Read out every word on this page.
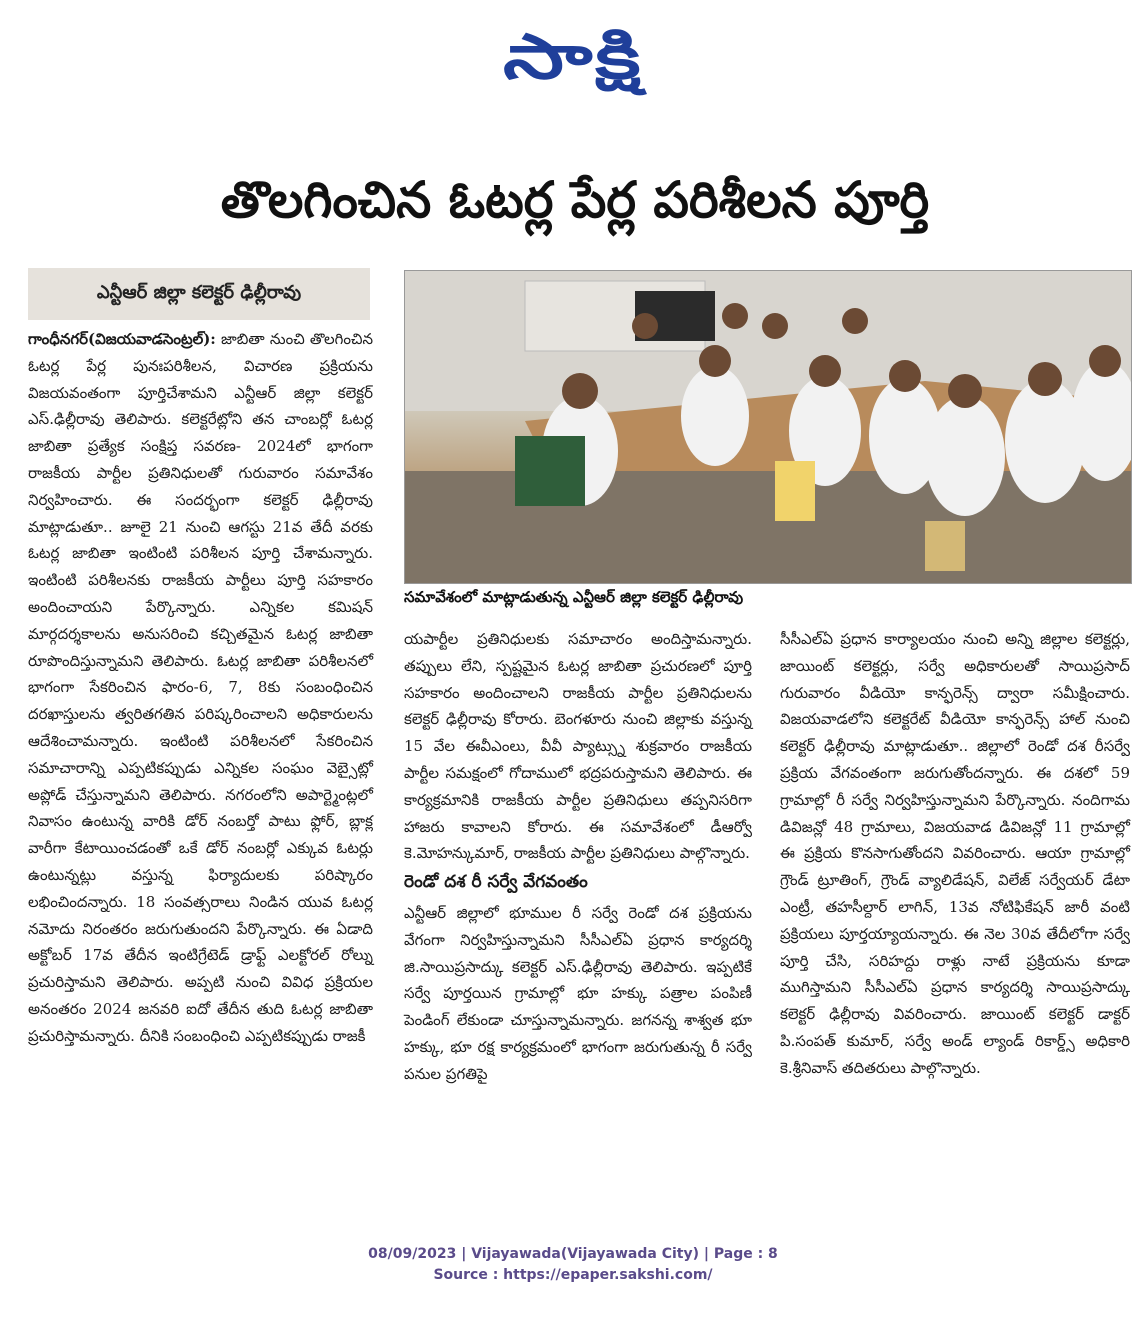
సాక్షి
తొలగించిన ఓటర్ల పేర్ల పరిశీలన పూర్తి
ఎన్టీఆర్ జిల్లా కలెక్టర్ ఢిల్లీరావు

గాంధీనగర్(విజయవాడసెంట్రల్): జాబితా నుంచి తొలగించిన ఓటర్ల పేర్ల పునఃపరిశీలన, విచారణ ప్రక్రియను విజయవంతంగా పూర్తిచేశామని ఎన్టీఆర్ జిల్లా కలెక్టర్ ఎస్.ఢిల్లీరావు తెలిపారు. కలెక్టరేట్లోని తన చాంబర్లో ఓటర్ల జాబితా ప్రత్యేక సంక్షిప్త సవరణ- 2024లో భాగంగా రాజకీయ పార్టీల ప్రతినిధులతో గురువారం సమావేశం నిర్వహించారు. ఈ సందర్భంగా కలెక్టర్ ఢిల్లీరావు మాట్లాడుతూ.. జూలై 21 నుంచి ఆగస్టు 21వ తేదీ వరకు ఓటర్ల జాబితా ఇంటింటి పరిశీలన పూర్తి చేశామన్నారు. ఇంటింటి పరిశీలనకు రాజకీయ పార్టీలు పూర్తి సహకారం అందించాయని పేర్కొన్నారు. ఎన్నికల కమిషన్ మార్గదర్శకాలను అనుసరించి కచ్చితమైన ఓటర్ల జాబితా రూపొందిస్తున్నామని తెలిపారు. ఓటర్ల జాబితా పరిశీలనలో భాగంగా సేకరించిన ఫారం-6, 7, 8కు సంబంధించిన దరఖాస్తులను త్వరితగతిన పరిష్కరించాలని అధికారులను ఆదేశించామన్నారు. ఇంటింటి పరిశీలనలో సేకరించిన సమాచారాన్ని ఎప్పటికప్పుడు ఎన్నికల సంఘం వెబ్సైట్లో అప్లోడ్ చేస్తున్నామని తెలిపారు. నగరంలోని అపార్ట్మెంట్లలో నివాసం ఉంటున్న వారికి డోర్ నంబర్తో పాటు ఫ్లోర్, బ్లాక్ల వారీగా కేటాయించడంతో ఒకే డోర్ నంబర్లో ఎక్కువ ఓటర్లు ఉంటున్నట్లు వస్తున్న ఫిర్యాదులకు పరిష్కారం లభించిందన్నారు. 18 సంవత్సరాలు నిండిన యువ ఓటర్ల నమోదు నిరంతరం జరుగుతుందని పేర్కొన్నారు. ఈ ఏడాది అక్టోబర్ 17వ తేదీన ఇంటిగ్రేటెడ్ డ్రాఫ్ట్ ఎలక్టోరల్ రోల్ను ప్రచురిస్తామని తెలిపారు. అప్పటి నుంచి వివిధ ప్రక్రియల అనంతరం 2024 జనవరి ఐదో తేదీన తుది ఓటర్ల జాబితా ప్రచురిస్తామన్నారు. దీనికి సంబంధించి ఎప్పటికప్పుడు రాజకీ

సమావేశంలో మాట్లాడుతున్న ఎన్టీఆర్ జిల్లా కలెక్టర్ ఢిల్లీరావు

యపార్టీల ప్రతినిధులకు సమాచారం అందిస్తామన్నారు. తప్పులు లేని, స్పష్టమైన ఓటర్ల జాబితా ప్రచురణలో పూర్తి సహకారం అందించాలని రాజకీయ పార్టీల ప్రతినిధులను కలెక్టర్ ఢిల్లీరావు కోరారు. బెంగళూరు నుంచి జిల్లాకు వస్తున్న 15 వేల ఈవీఎంలు, వీవీ ప్యాట్స్ను శుక్రవారం రాజకీయ పార్టీల సమక్షంలో గోదాములో భద్రపరుస్తామని తెలిపారు. ఈ కార్యక్రమానికి రాజకీయ పార్టీల ప్రతినిధులు తప్పనిసరిగా హాజరు కావాలని కోరారు. ఈ సమావేశంలో డీఆర్వో కె.మోహన్కుమార్, రాజకీయ పార్టీల ప్రతినిధులు పాల్గొన్నారు.

రెండో దశ రీ సర్వే వేగవంతం

ఎన్టీఆర్ జిల్లాలో భూముల రీ సర్వే రెండో దశ ప్రక్రియను వేగంగా నిర్వహిస్తున్నామని సీసీఎల్ఏ ప్రధాన కార్యదర్శి జి.సాయిప్రసాద్కు కలెక్టర్ ఎస్.ఢిల్లీరావు తెలిపారు. ఇప్పటికే సర్వే పూర్తయిన గ్రామాల్లో భూ హక్కు పత్రాల పంపిణీ పెండింగ్ లేకుండా చూస్తున్నామన్నారు. జగనన్న శాశ్వత భూ హక్కు, భూ రక్ష కార్యక్రమంలో భాగంగా జరుగుతున్న రీ సర్వే పనుల ప్రగతిపై

సీసీఎల్ఏ ప్రధాన కార్యాలయం నుంచి అన్ని జిల్లాల కలెక్టర్లు, జాయింట్ కలెక్టర్లు, సర్వే అధికారులతో సాయిప్రసాద్ గురువారం వీడియో కాన్ఫరెన్స్ ద్వారా సమీక్షించారు. విజయవాడలోని కలెక్టరేట్ వీడియో కాన్ఫరెన్స్ హాల్ నుంచి కలెక్టర్ ఢిల్లీరావు మాట్లాడుతూ.. జిల్లాలో రెండో దశ రీసర్వే ప్రక్రియ వేగవంతంగా జరుగుతోందన్నారు. ఈ దశలో 59 గ్రామాల్లో రీ సర్వే నిర్వహిస్తున్నామని పేర్కొన్నారు. నందిగామ డివిజన్లో 48 గ్రామాలు, విజయవాడ డివిజన్లో 11 గ్రామాల్లో ఈ ప్రక్రియ కొనసాగుతోందని వివరించారు. ఆయా గ్రామాల్లో గ్రౌండ్ ట్రూతింగ్, గ్రౌండ్ వ్యాలిడేషన్, విలేజ్ సర్వేయర్ డేటా ఎంట్రీ, తహసీల్దార్ లాగిన్, 13వ నోటిఫికేషన్ జారీ వంటి ప్రక్రియలు పూర్తయ్యాయన్నారు. ఈ నెల 30వ తేదీలోగా సర్వే పూర్తి చేసి, సరిహద్దు రాళ్లు నాటే ప్రక్రియను కూడా ముగిస్తామని సీసీఎల్ఏ ప్రధాన కార్యదర్శి సాయిప్రసాద్కు కలెక్టర్ ఢిల్లీరావు వివరించారు. జాయింట్ కలెక్టర్ డాక్టర్ పి.సంపత్ కుమార్, సర్వే అండ్ ల్యాండ్ రికార్డ్స్ అధికారి కె.శ్రీనివాస్ తదితరులు పాల్గొన్నారు.

08/09/2023 | Vijayawada(Vijayawada City) | Page : 8
Source : https://epaper.sakshi.com/
